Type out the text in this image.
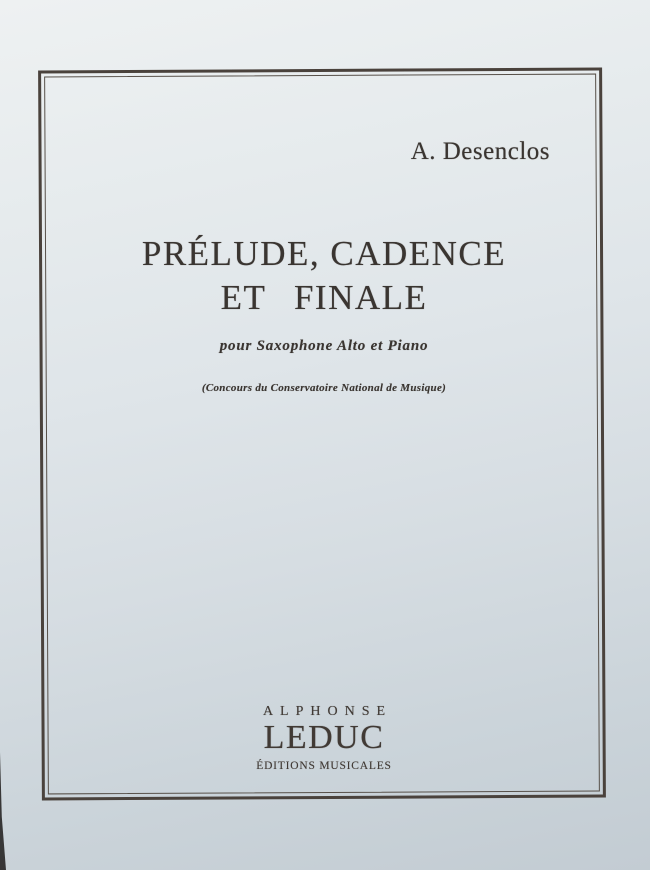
A. Desenclos
PRÉLUDE, CADENCE
ET FINALE
pour Saxophone Alto et Piano
(Concours du Conservatoire National de Musique)
ALPHONSE
LEDUC
ÉDITIONS MUSICALES
